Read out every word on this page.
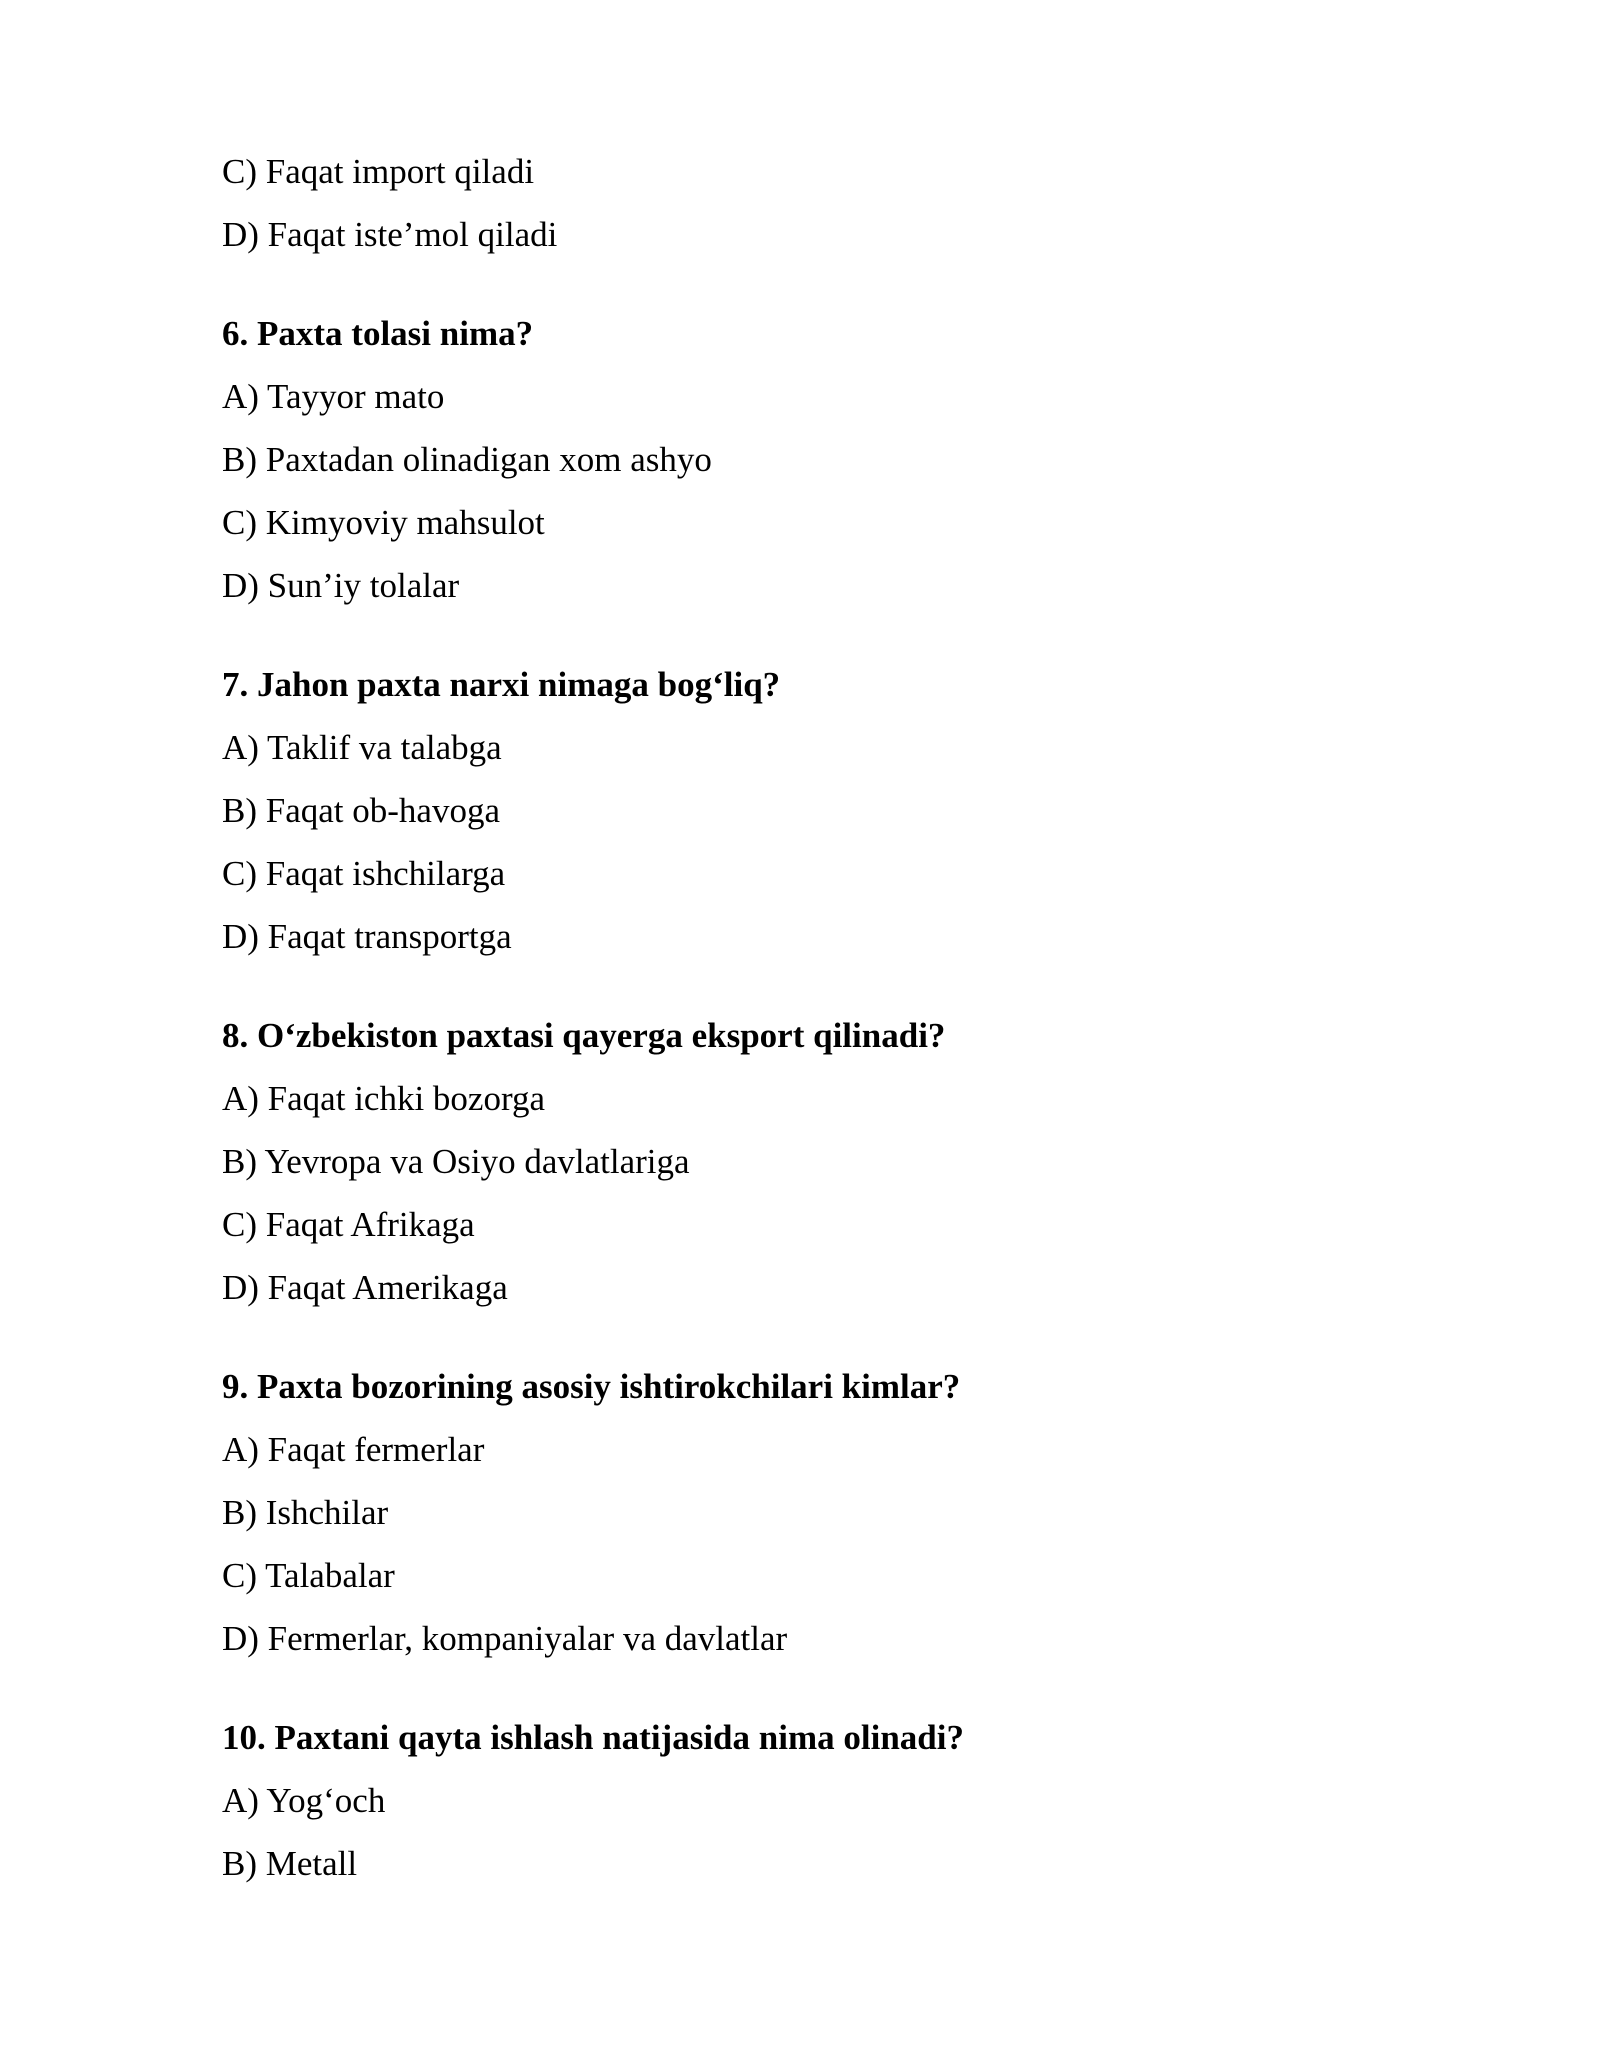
C) Faqat import qiladi
D) Faqat iste’mol qiladi
6. Paxta tolasi nima?
A) Tayyor mato
B) Paxtadan olinadigan xom ashyo
C) Kimyoviy mahsulot
D) Sun’iy tolalar
7. Jahon paxta narxi nimaga bog‘liq?
A) Taklif va talabga
B) Faqat ob-havoga
C) Faqat ishchilarga
D) Faqat transportga
8. O‘zbekiston paxtasi qayerga eksport qilinadi?
A) Faqat ichki bozorga
B) Yevropa va Osiyo davlatlariga
C) Faqat Afrikaga
D) Faqat Amerikaga
9. Paxta bozorining asosiy ishtirokchilari kimlar?
A) Faqat fermerlar
B) Ishchilar
C) Talabalar
D) Fermerlar, kompaniyalar va davlatlar
10. Paxtani qayta ishlash natijasida nima olinadi?
A) Yog‘och
B) Metall
